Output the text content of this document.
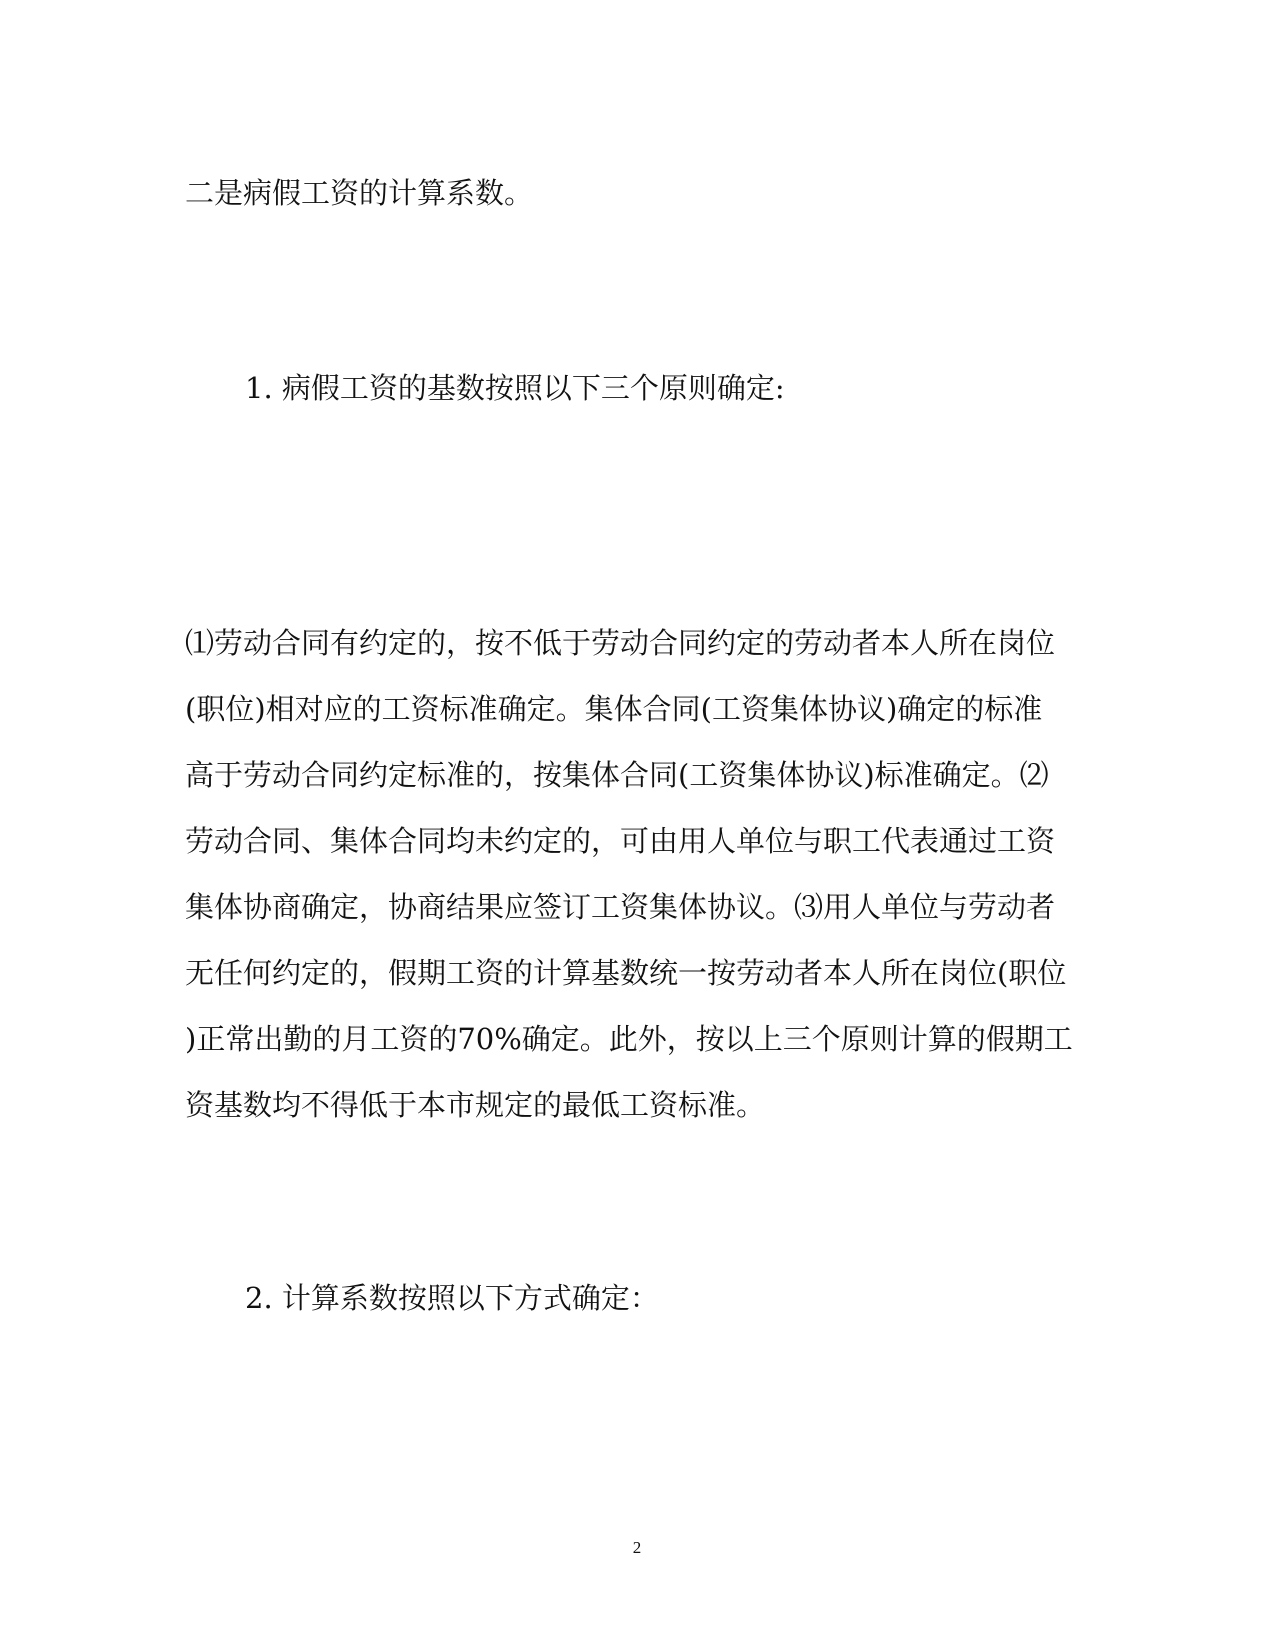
二是病假工资的计算系数。

1. 病假工资的基数按照以下三个原则确定:

⑴劳动合同有约定的，按不低于劳动合同约定的劳动者本人所在岗位
(职位)相对应的工资标准确定。集体合同(工资集体协议)确定的标准
高于劳动合同约定标准的，按集体合同(工资集体协议)标准确定。⑵
劳动合同、集体合同均未约定的，可由用人单位与职工代表通过工资
集体协商确定，协商结果应签订工资集体协议。⑶用人单位与劳动者
无任何约定的，假期工资的计算基数统一按劳动者本人所在岗位(职位
)正常出勤的月工资的70%确定。此外，按以上三个原则计算的假期工
资基数均不得低于本市规定的最低工资标准。

2. 计算系数按照以下方式确定：

2
